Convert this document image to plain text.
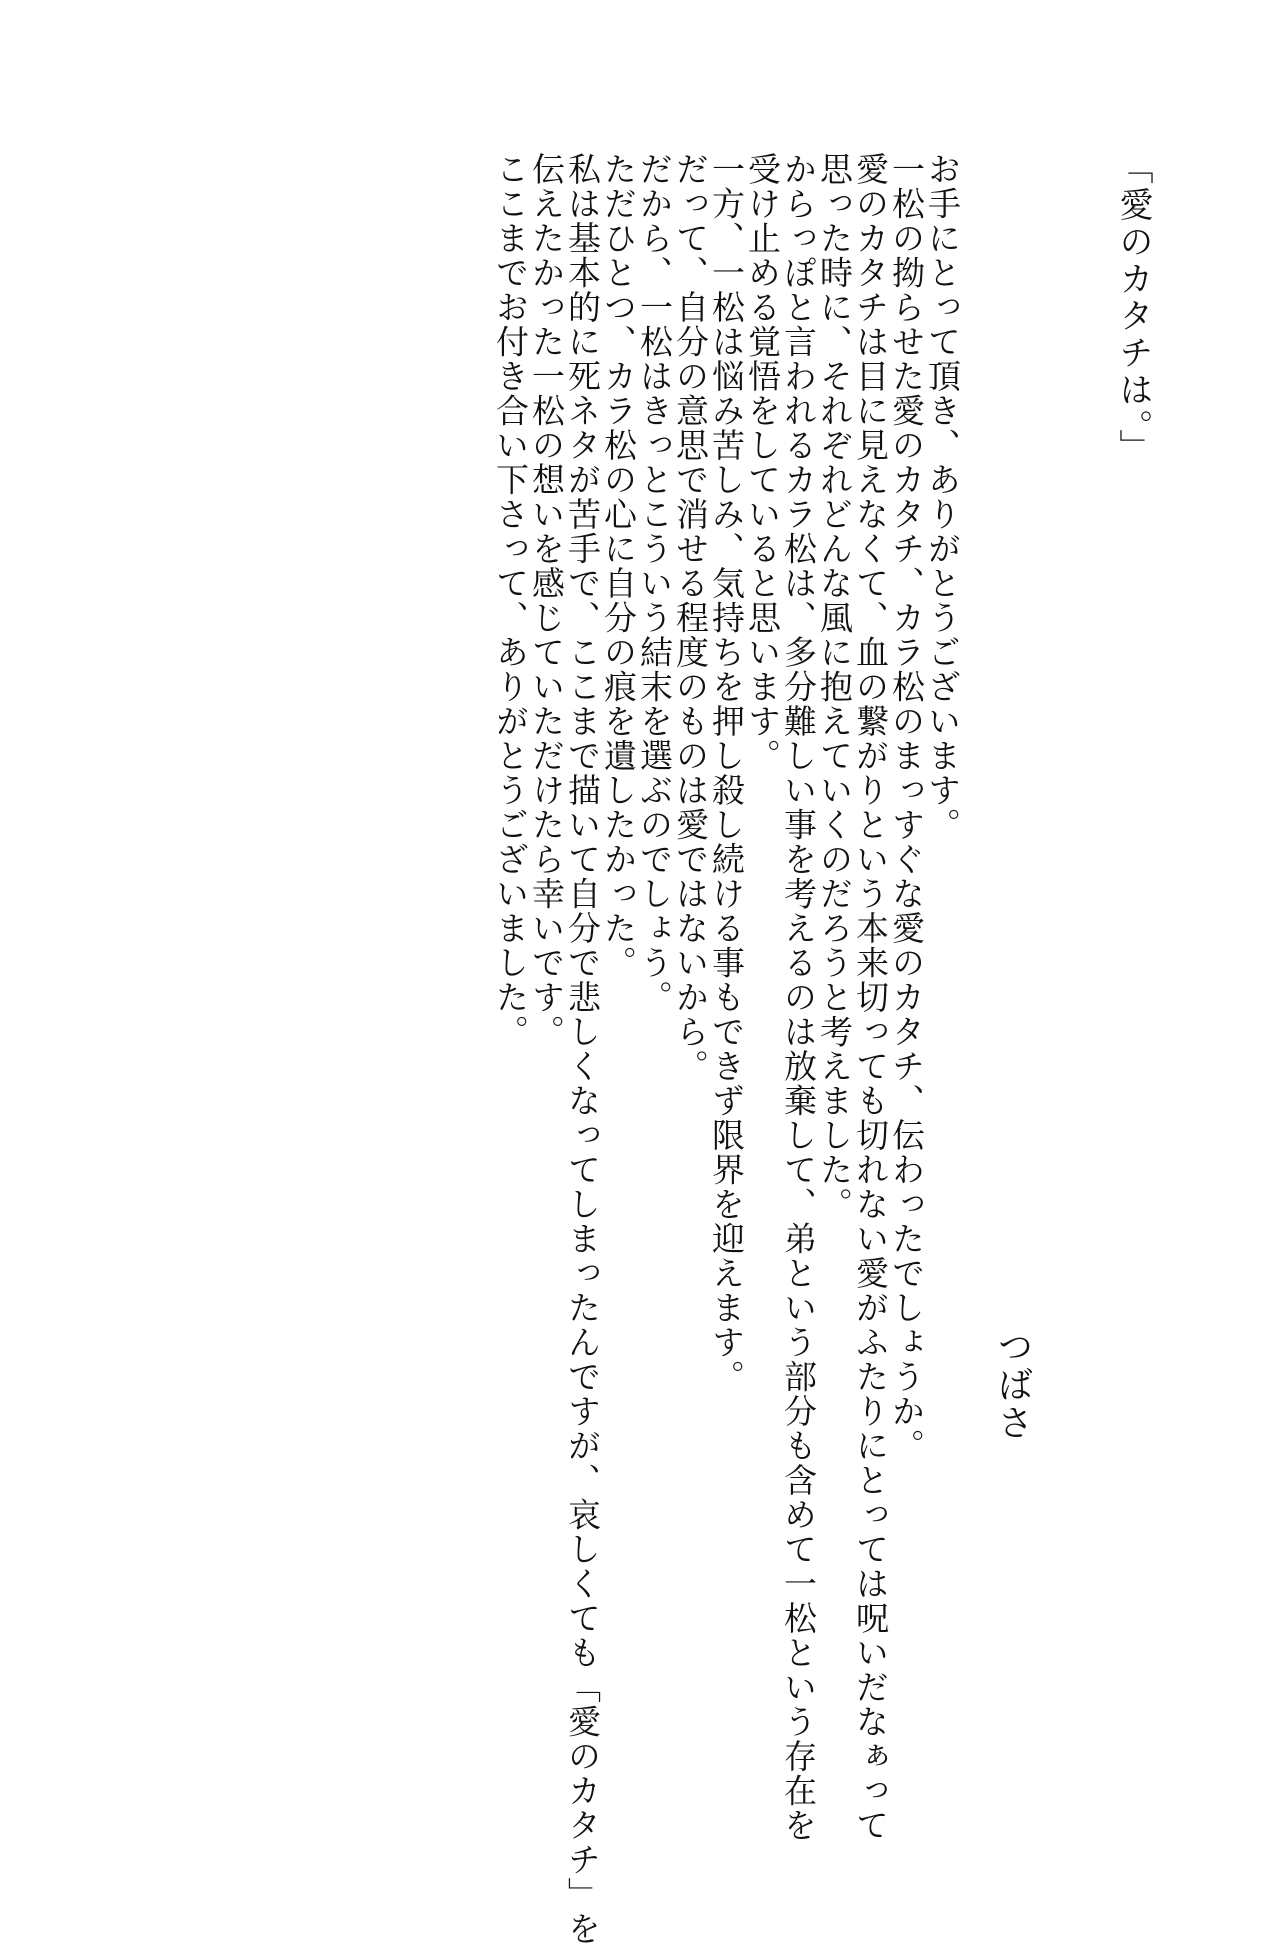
「愛のカタチは。」
お手にとって頂き、ありがとうございます。
一松の拗らせた愛のカタチ、カラ松のまっすぐな愛のカタチ、伝わったでしょうか。
愛のカタチは目に見えなくて、血の繋がりという本来切っても切れない愛がふたりにとっては呪いだなぁって
思った時に、それぞれどんな風に抱えていくのだろうと考えました。
からっぽと言われるカラ松は、多分難しい事を考えるのは放棄して、弟という部分も含めて一松という存在を
受け止める覚悟をしていると思います。
一方、一松は悩み苦しみ、気持ちを押し殺し続ける事もできず限界を迎えます。
だって、自分の意思で消せる程度のものは愛ではないから。
だから、一松はきっとこういう結末を選ぶのでしょう。
ただひとつ、カラ松の心に自分の痕を遺したかった。
私は基本的に死ネタが苦手で、ここまで描いて自分で悲しくなってしまったんですが、哀しくても「愛のカタチ」を
伝えたかった一松の想いを感じていただけたら幸いです。
ここまでお付き合い下さって、ありがとうございました。
つばさ
